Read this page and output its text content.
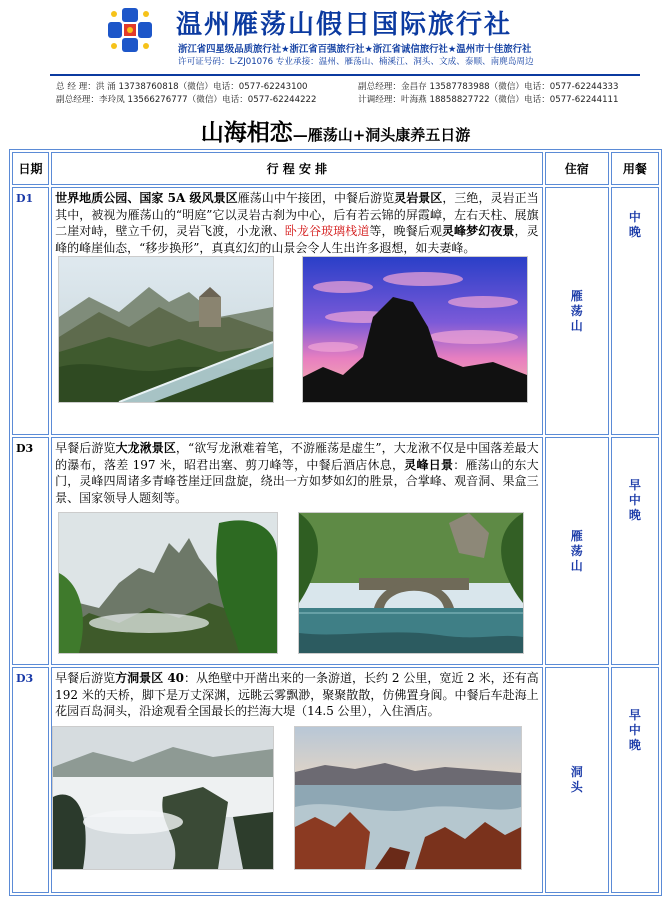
温州雁荡山假日国际旅行社
浙江省四星级品质旅行社★浙江省百强旅行社★浙江省诚信旅行社★温州市十佳旅行社
许可证号码：L-ZJ01076 专业承接：温州、雁荡山、楠溪江、洞头、文成、泰顺、南麂岛周边
总 经 理：洪 涌 13738760818（微信）电话：0577-62243100	副总经理：金昌存 13587783988（微信）电话：0577-62244333
副总经理：李玲凤 13566276777（微信）电话：0577-62244222	计调经理：叶海燕 18858827722（微信）电话：0577-62244111
山海相恋—雁荡山+洞头康养五日游
日期	行 程 安 排	住宿	用餐

D1	世界地质公园、国家 5A 级风景区雁荡山中午接团，中餐后游览灵岩景区，三绝，灵岩正当其中，被视为雁荡山的“明庭”它以灵岩古刹为中心，后有若云锦的屏霞嶂，左右天柱、展旗二崖对峙，壁立千仞，灵岩飞渡，小龙湫、卧龙谷玻璃栈道等，晚餐后观灵峰梦幻夜景，灵峰的峰崖仙态，“移步换形”，真真幻幻的山景会令人生出许多遐想，如夫妻峰。	雁荡山	中晚

D3	早餐后游览大龙湫景区，“欲写龙湫难着笔，不游雁荡是虚生”，大龙湫不仅是中国落差最大的瀑布，落差 197 米，昭君出塞、剪刀峰等，中餐后酒店休息，灵峰日景：雁荡山的东大门，灵峰四周诸多青峰苍崖迂回盘旋，绕出一方如梦如幻的胜景，合掌峰、观音洞、果盒三景、国家领导人题刻等。	雁荡山	早中晚

D3	早餐后游览方洞景区 40：从绝壁中开凿出来的一条游道，长约 2 公里，宽近 2 米，还有高 192 米的天桥，脚下是万丈深渊，远眺云雾飘渺，聚聚散散，仿佛置身阆。中餐后车赴海上花园百岛洞头，沿途观看全国最长的拦海大堤（14.5 公里），入住酒店。	洞头	早中晚
